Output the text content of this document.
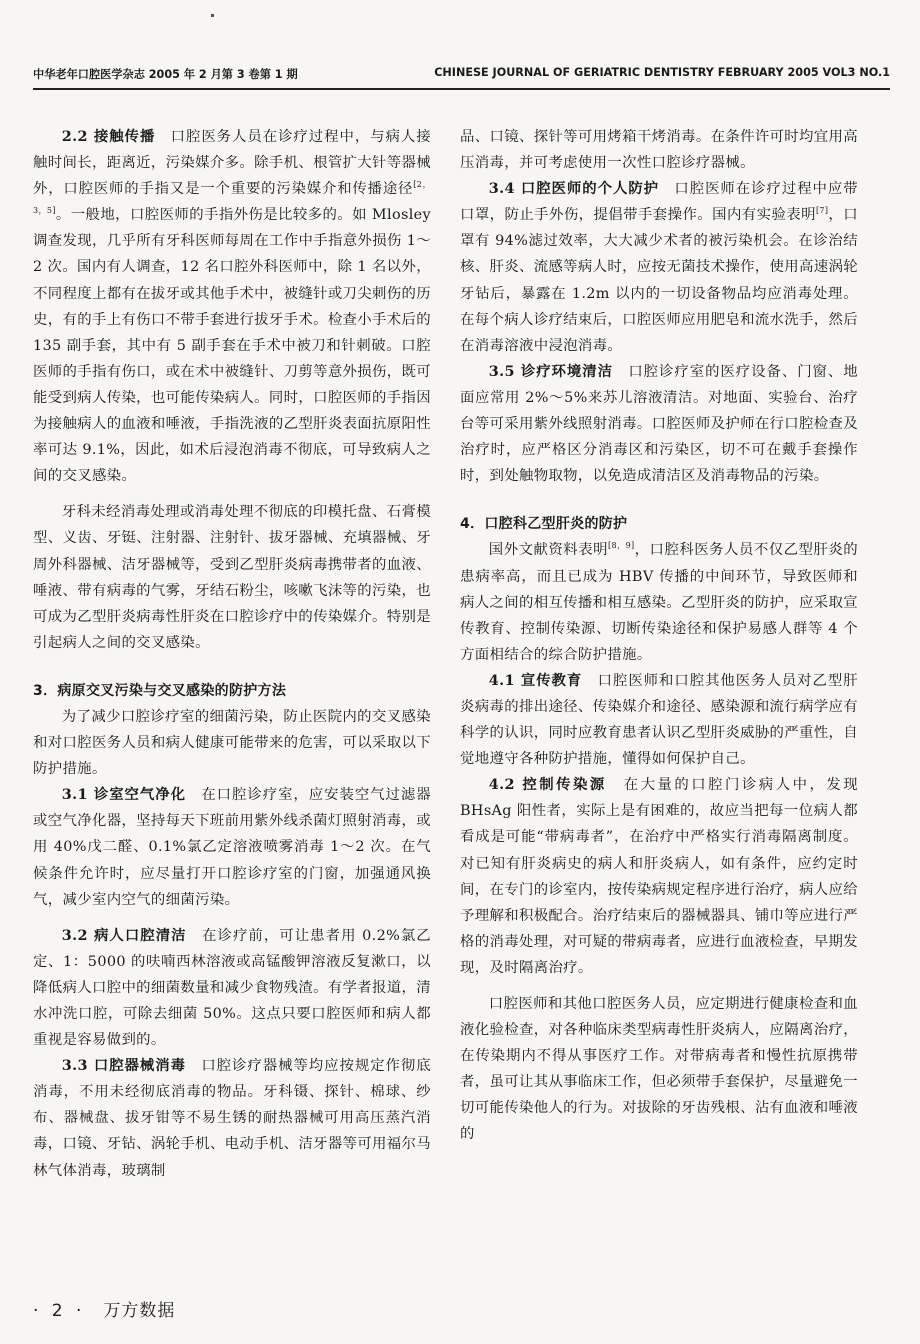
中华老年口腔医学杂志 2005 年 2 月第 3 卷第 1 期	CHINESE JOURNAL OF GERIATRIC DENTISTRY FEBRUARY 2005 VOL3 NO.1

2.2 接触传播　口腔医务人员在诊疗过程中，与病人接触时间长，距离近，污染媒介多。除手机、根管扩大针等器械外，口腔医师的手指又是一个重要的污染媒介和传播途径[2，3，5]。一般地，口腔医师的手指外伤是比较多的。如 Mlosley 调查发现，几乎所有牙科医师每周在工作中手指意外损伤 1～2 次。国内有人调查，12 名口腔外科医师中，除 1 名以外，不同程度上都有在拔牙或其他手术中，被缝针或刀尖刺伤的历史，有的手上有伤口不带手套进行拔牙手术。检查小手术后的 135 副手套，其中有 5 副手套在手术中被刀和针刺破。口腔医师的手指有伤口，或在术中被缝针、刀剪等意外损伤，既可能受到病人传染，也可能传染病人。同时，口腔医师的手指因为接触病人的血液和唾液，手指洗液的乙型肝炎表面抗原阳性率可达 9.1%，因此，如术后浸泡消毒不彻底，可导致病人之间的交叉感染。

牙科未经消毒处理或消毒处理不彻底的印模托盘、石膏模型、义齿、牙铤、注射器、注射针、拔牙器械、充填器械、牙周外科器械、洁牙器械等，受到乙型肝炎病毒携带者的血液、唾液、带有病毒的气雾，牙结石粉尘，咳嗽飞沫等的污染，也可成为乙型肝炎病毒性肝炎在口腔诊疗中的传染媒介。特别是引起病人之间的交叉感染。

3．病原交叉污染与交叉感染的防护方法

为了减少口腔诊疗室的细菌污染，防止医院内的交叉感染和对口腔医务人员和病人健康可能带来的危害，可以采取以下防护措施。

3.1 诊室空气净化　在口腔诊疗室，应安装空气过滤器或空气净化器，坚持每天下班前用紫外线杀菌灯照射消毒，或用 40%戊二醛、0.1%氯乙定溶液喷雾消毒 1～2 次。在气候条件允许时，应尽量打开口腔诊疗室的门窗，加强通风换气，减少室内空气的细菌污染。

3.2 病人口腔清洁　在诊疗前，可让患者用 0.2%氯乙定、1：5000 的呋喃西林溶液或高锰酸钾溶液反复漱口，以降低病人口腔中的细菌数量和减少食物残渣。有学者报道，清水冲洗口腔，可除去细菌 50%。这点只要口腔医师和病人都重视是容易做到的。

3.3 口腔器械消毒　口腔诊疗器械等均应按规定作彻底消毒，不用未经彻底消毒的物品。牙科镊、探针、棉球、纱布、器械盘、拔牙钳等不易生锈的耐热器械可用高压蒸汽消毒，口镜、牙钻、涡轮手机、电动手机、洁牙器等可用福尔马林气体消毒，玻璃制

品、口镜、探针等可用烤箱干烤消毒。在条件许可时均宜用高压消毒，并可考虑使用一次性口腔诊疗器械。

3.4 口腔医师的个人防护　口腔医师在诊疗过程中应带口罩，防止手外伤，提倡带手套操作。国内有实验表明[7]，口罩有 94%滤过效率，大大减少术者的被污染机会。在诊治结核、肝炎、流感等病人时，应按无菌技术操作，使用高速涡轮牙钻后，暴露在 1.2m 以内的一切设备物品均应消毒处理。在每个病人诊疗结束后，口腔医师应用肥皂和流水洗手，然后在消毒溶液中浸泡消毒。

3.5 诊疗环境清洁　口腔诊疗室的医疗设备、门窗、地面应常用 2%～5%来苏儿溶液清洁。对地面、实验台、治疗台等可采用紫外线照射消毒。口腔医师及护师在行口腔检查及治疗时，应严格区分消毒区和污染区，切不可在戴手套操作时，到处触物取物，以免造成清洁区及消毒物品的污染。

4．口腔科乙型肝炎的防护

国外文献资料表明[8，9]，口腔科医务人员不仅乙型肝炎的患病率高，而且已成为 HBV 传播的中间环节，导致医师和病人之间的相互传播和相互感染。乙型肝炎的防护，应采取宣传教育、控制传染源、切断传染途径和保护易感人群等 4 个方面相结合的综合防护措施。

4.1 宣传教育　口腔医师和口腔其他医务人员对乙型肝炎病毒的排出途径、传染媒介和途径、感染源和流行病学应有科学的认识，同时应教育患者认识乙型肝炎威胁的严重性，自觉地遵守各种防护措施，懂得如何保护自己。

4.2 控制传染源　在大量的口腔门诊病人中，发现 BHsAg 阳性者，实际上是有困难的，故应当把每一位病人都看成是可能“带病毒者”，在治疗中严格实行消毒隔离制度。对已知有肝炎病史的病人和肝炎病人，如有条件，应约定时间，在专门的诊室内，按传染病规定程序进行治疗，病人应给予理解和积极配合。治疗结束后的器械器具、铺巾等应进行严格的消毒处理，对可疑的带病毒者，应进行血液检查，早期发现，及时隔离治疗。

口腔医师和其他口腔医务人员，应定期进行健康检查和血液化验检查，对各种临床类型病毒性肝炎病人，应隔离治疗，在传染期内不得从事医疗工作。对带病毒者和慢性抗原携带者，虽可让其从事临床工作，但必须带手套保护，尽量避免一切可能传染他人的行为。对拔除的牙齿残根、沾有血液和唾液的

· 2 · 万方数据
